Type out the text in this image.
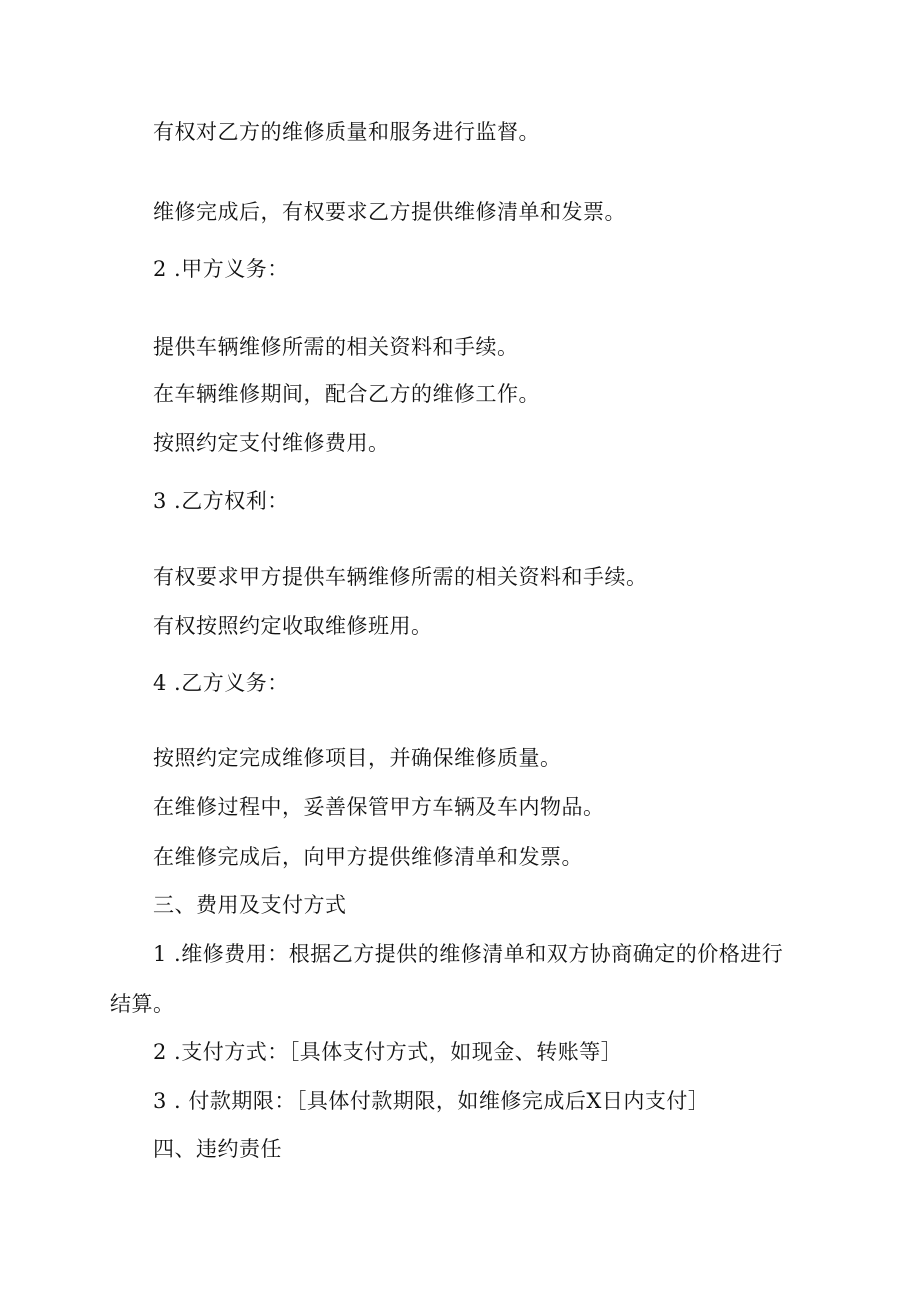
有权对乙方的维修质量和服务进行监督。
维修完成后，有权要求乙方提供维修清单和发票。
2 .甲方义务：
提供车辆维修所需的相关资料和手续。
在车辆维修期间，配合乙方的维修工作。
按照约定支付维修费用。
3 .乙方权利：
有权要求甲方提供车辆维修所需的相关资料和手续。
有权按照约定收取维修班用。
4 .乙方义务：
按照约定完成维修项目，并确保维修质量。
在维修过程中，妥善保管甲方车辆及车内物品。
在维修完成后，向甲方提供维修清单和发票。
三、费用及支付方式
1 .维修费用：根据乙方提供的维修清单和双方协商确定的价格进行
结算。
2 .支付方式：［具体支付方式，如现金、转账等］
3 . 付款期限：［具体付款期限，如维修完成后X日内支付］
四、违约责任
